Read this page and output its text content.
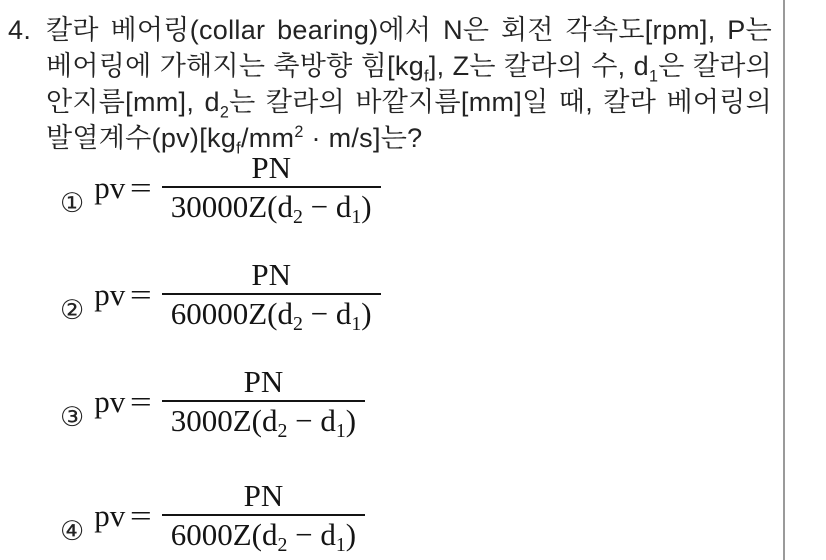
4. 칼라 베어링(collar bearing)에서 N은 회전 각속도[rpm], P는 베어링에 가해지는 축방향 힘$[kg_f]$, Z는 칼라의 수, $d_1$은 칼라의 안지름[mm], $d_2$는 칼라의 바깥지름[mm]일 때, 칼라 베어링의 발열계수$(pv)[kg_f/mm^2 \cdot m/s]$는?
① pv = $\frac{PN}{30000Z(d_2 - d_1)}$
② pv = $\frac{PN}{60000Z(d_2 - d_1)}$
③ pv = $\frac{PN}{3000Z(d_2 - d_1)}$
④ pv = $\frac{PN}{6000Z(d_2 - d_1)}$
